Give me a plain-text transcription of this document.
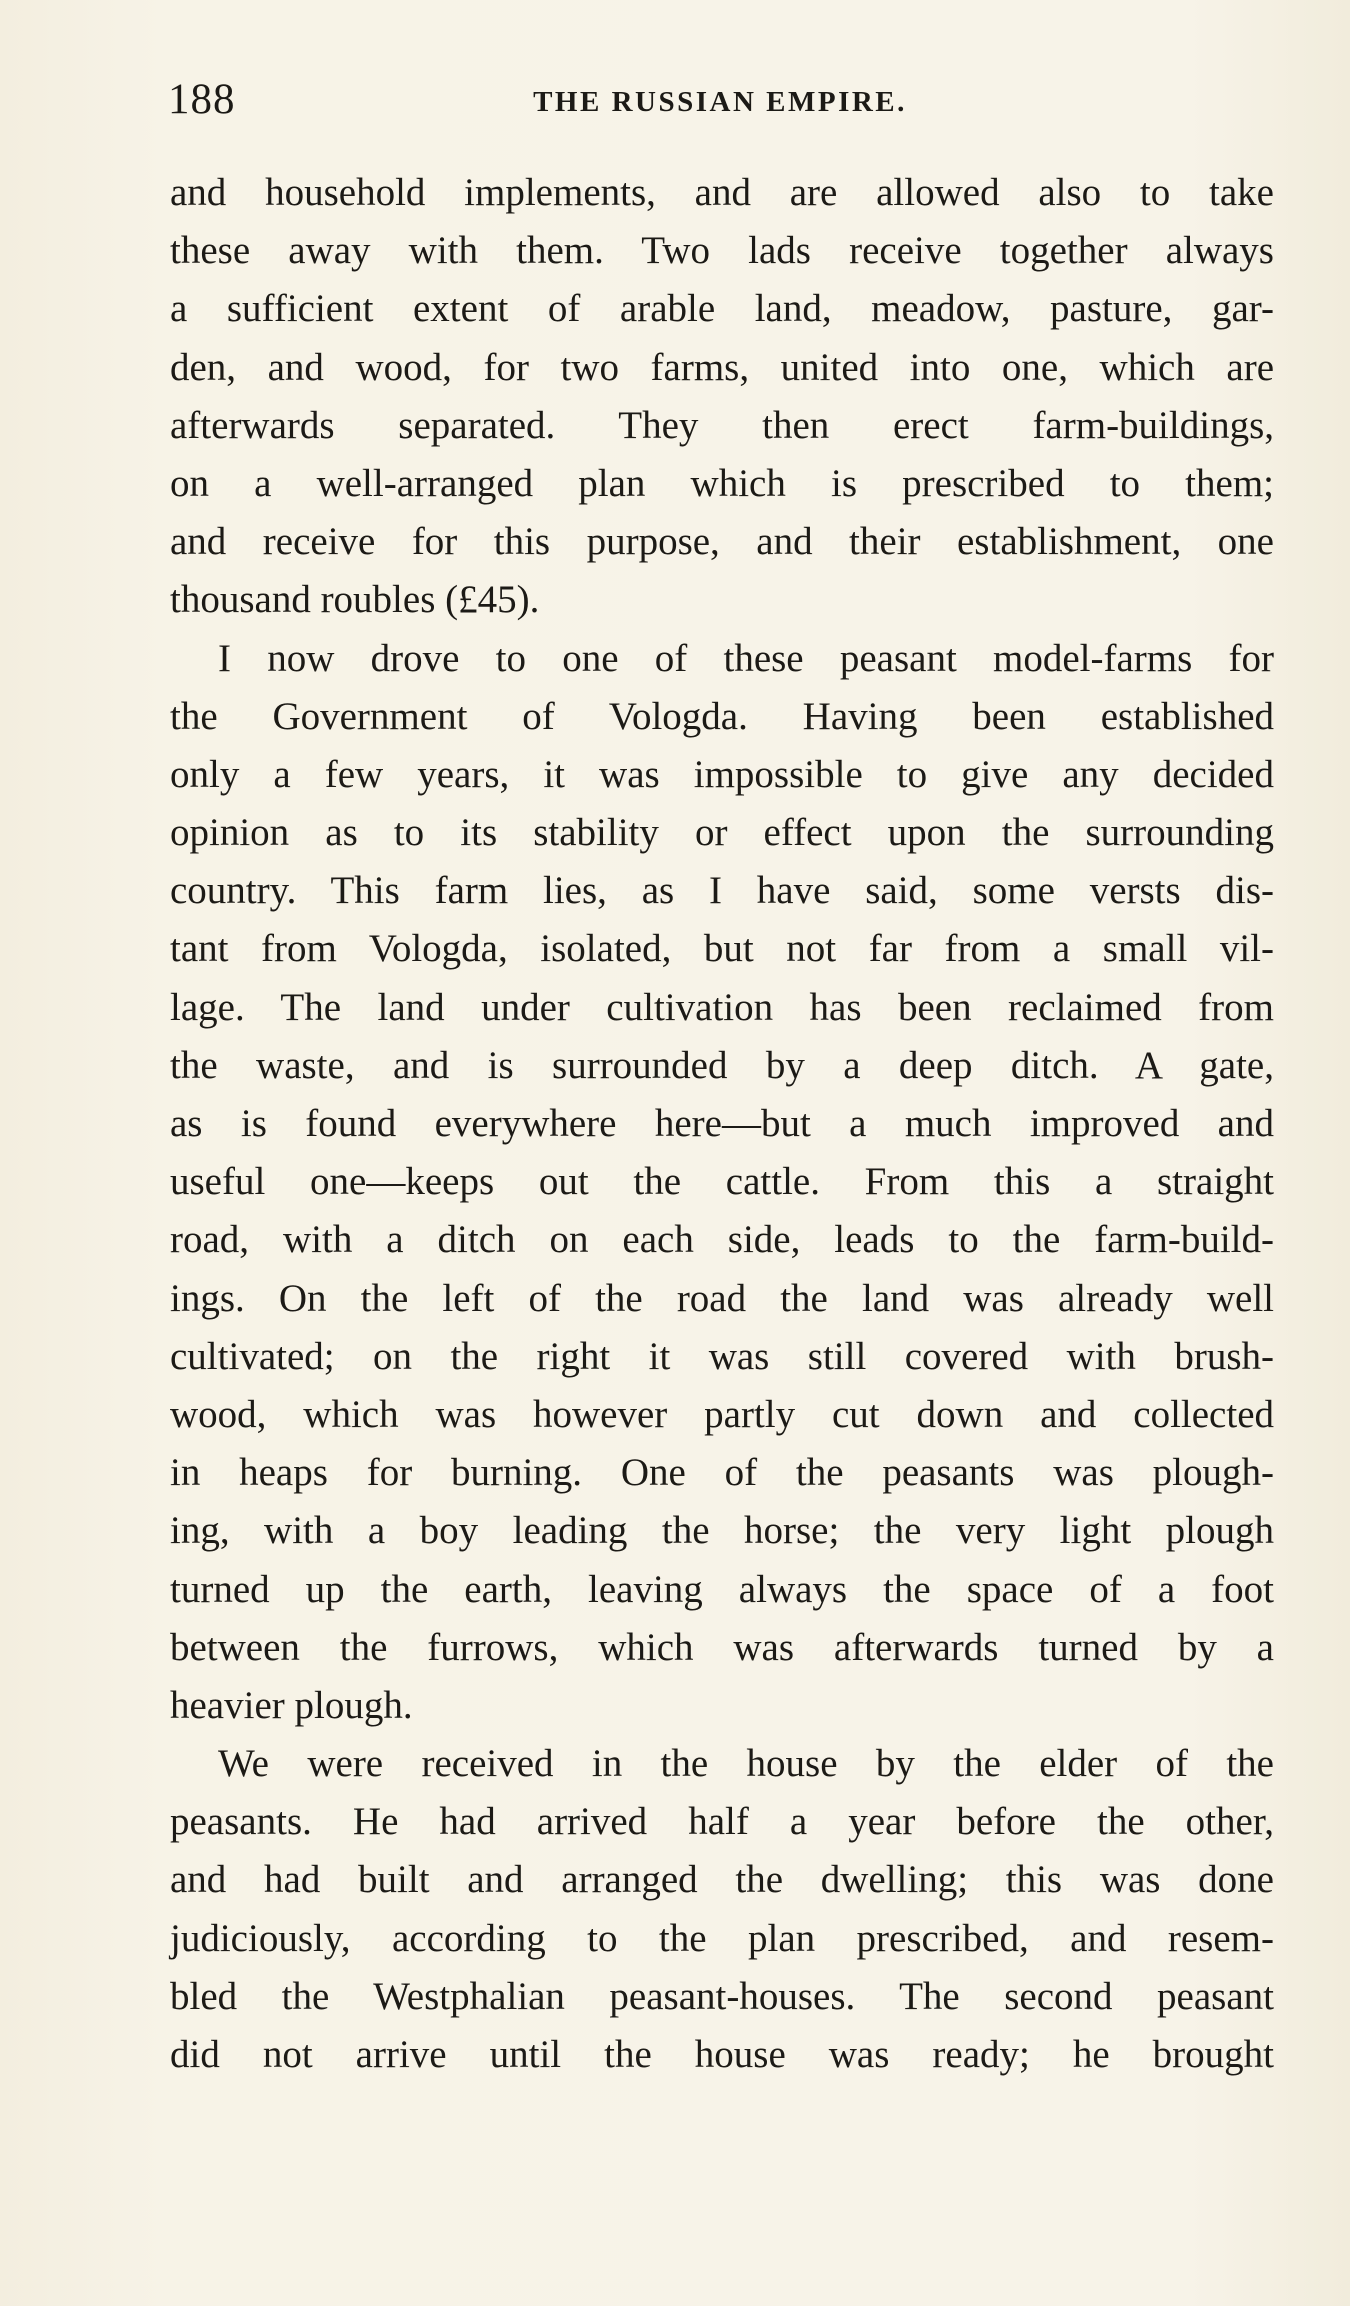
188	THE RUSSIAN EMPIRE.
and household implements, and are allowed also to take
these away with them. Two lads receive together always
a sufficient extent of arable land, meadow, pasture, gar-
den, and wood, for two farms, united into one, which are
afterwards separated. They then erect farm-buildings,
on a well-arranged plan which is prescribed to them;
and receive for this purpose, and their establishment, one
thousand roubles (£45).
I now drove to one of these peasant model-farms for
the Government of Vologda. Having been established
only a few years, it was impossible to give any decided
opinion as to its stability or effect upon the surrounding
country. This farm lies, as I have said, some versts dis-
tant from Vologda, isolated, but not far from a small vil-
lage. The land under cultivation has been reclaimed from
the waste, and is surrounded by a deep ditch. A gate,
as is found everywhere here—but a much improved and
useful one—keeps out the cattle. From this a straight
road, with a ditch on each side, leads to the farm-build-
ings. On the left of the road the land was already well
cultivated; on the right it was still covered with brush-
wood, which was however partly cut down and collected
in heaps for burning. One of the peasants was plough-
ing, with a boy leading the horse; the very light plough
turned up the earth, leaving always the space of a foot
between the furrows, which was afterwards turned by a
heavier plough.
We were received in the house by the elder of the
peasants. He had arrived half a year before the other,
and had built and arranged the dwelling; this was done
judiciously, according to the plan prescribed, and resem-
bled the Westphalian peasant-houses. The second peasant
did not arrive until the house was ready; he brought
